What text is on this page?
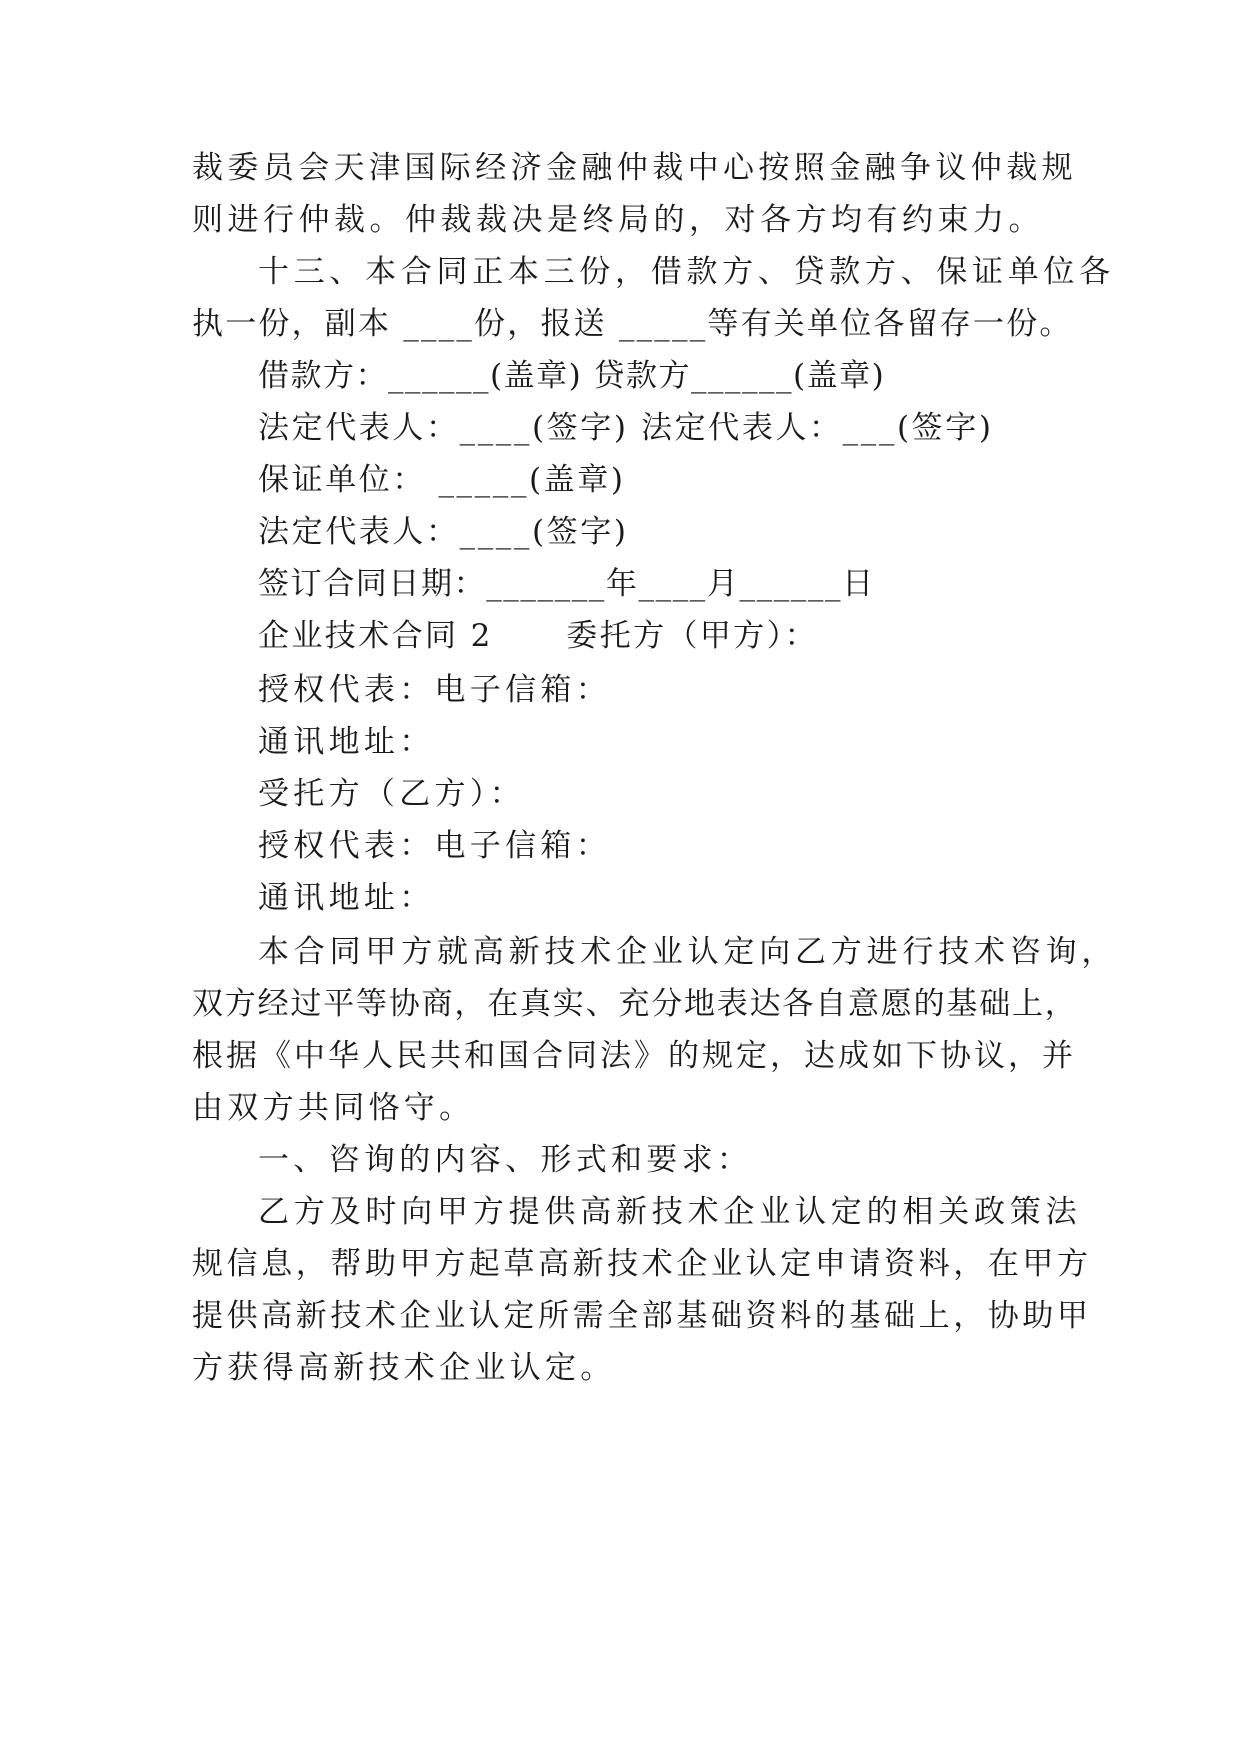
裁委员会天津国际经济金融仲裁中心按照金融争议仲裁规
则进行仲裁。仲裁裁决是终局的，对各方均有约束力。
十三、本合同正本三份，借款方、贷款方、保证单位各
执一份，副本 ____份，报送 _____等有关单位各留存一份。
借款方：______(盖章) 贷款方______(盖章)
法定代表人：____(签字) 法定代表人：___(签字)
保证单位： _____(盖章)
法定代表人：____(签字)
签订合同日期：_______年____月______日
企业技术合同 2      委托方（甲方）：
授权代表：电子信箱：
通讯地址：
受托方（乙方）：
授权代表：电子信箱：
通讯地址：
本合同甲方就高新技术企业认定向乙方进行技术咨询，
双方经过平等协商，在真实、充分地表达各自意愿的基础上，
根据《中华人民共和国合同法》的规定，达成如下协议，并
由双方共同恪守。
一、咨询的内容、形式和要求：
乙方及时向甲方提供高新技术企业认定的相关政策法
规信息，帮助甲方起草高新技术企业认定申请资料，在甲方
提供高新技术企业认定所需全部基础资料的基础上，协助甲
方获得高新技术企业认定。
